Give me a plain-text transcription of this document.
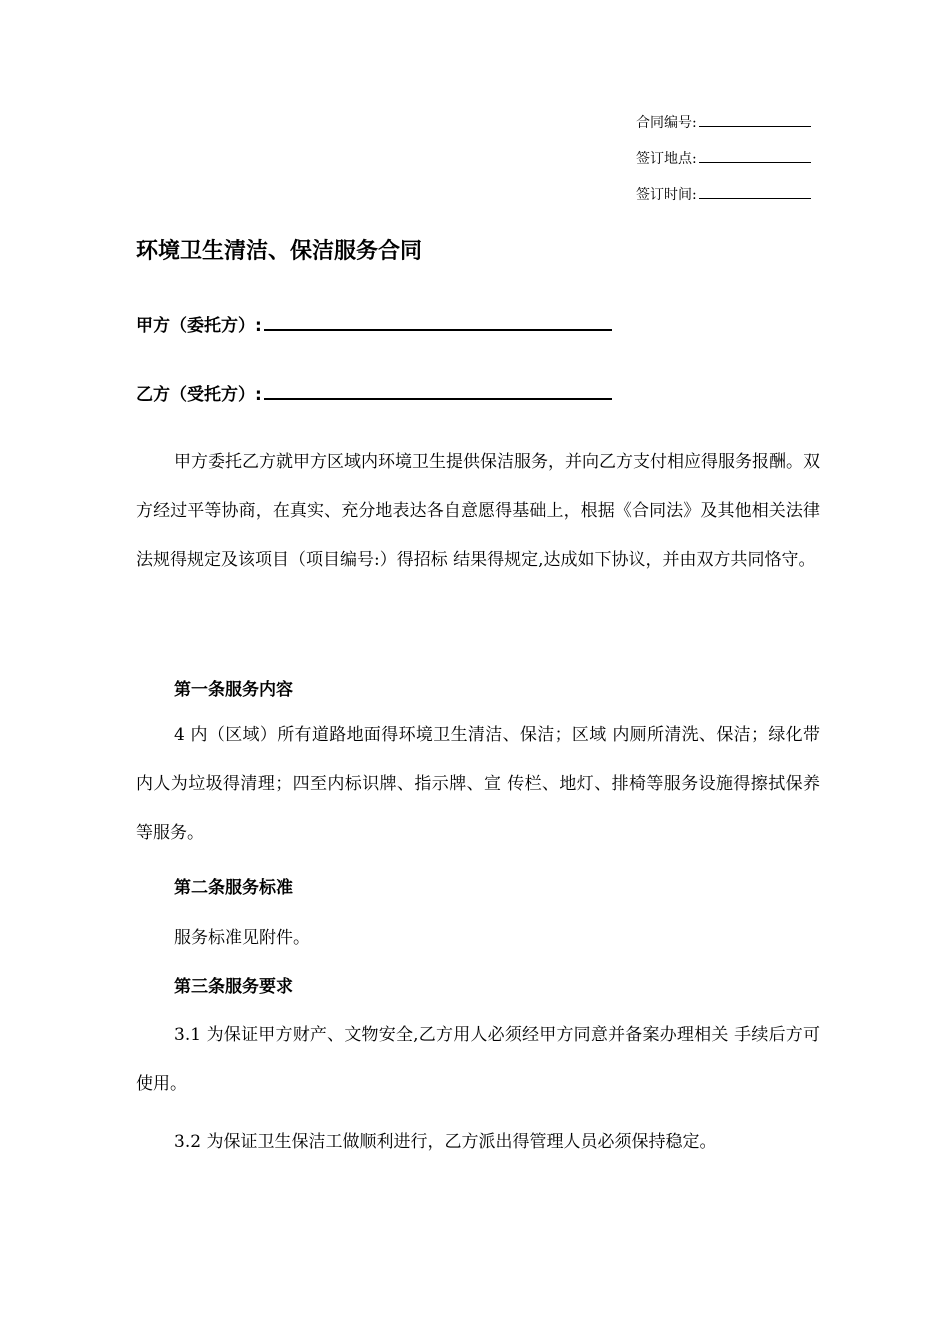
合同编号:
签订地点:
签订时间:
环境卫生清洁、保洁服务合同
甲方（委托方）:
乙方（受托方）:
甲方委托乙方就甲方区域内环境卫生提供保洁服务，并向乙方支付相应得服务报酬。双方经过平等协商，在真实、充分地表达各自意愿得基础上，根据《合同法》及其他相关法律法规得规定及该项目（项目编号:）得招标 结果得规定,达成如下协议，并由双方共同恪守。
第一条服务内容
4 内（区域）所有道路地面得环境卫生清洁、保洁；区域 内厕所清洗、保洁；绿化带内人为垃圾得清理；四至内标识牌、指示牌、宣 传栏、地灯、排椅等服务设施得擦拭保养等服务。
第二条服务标准
服务标准见附件。
第三条服务要求
3.1 为保证甲方财产、文物安全,乙方用人必须经甲方同意并备案办理相关 手续后方可使用。
3.2 为保证卫生保洁工做顺利进行，乙方派出得管理人员必须保持稳定。
